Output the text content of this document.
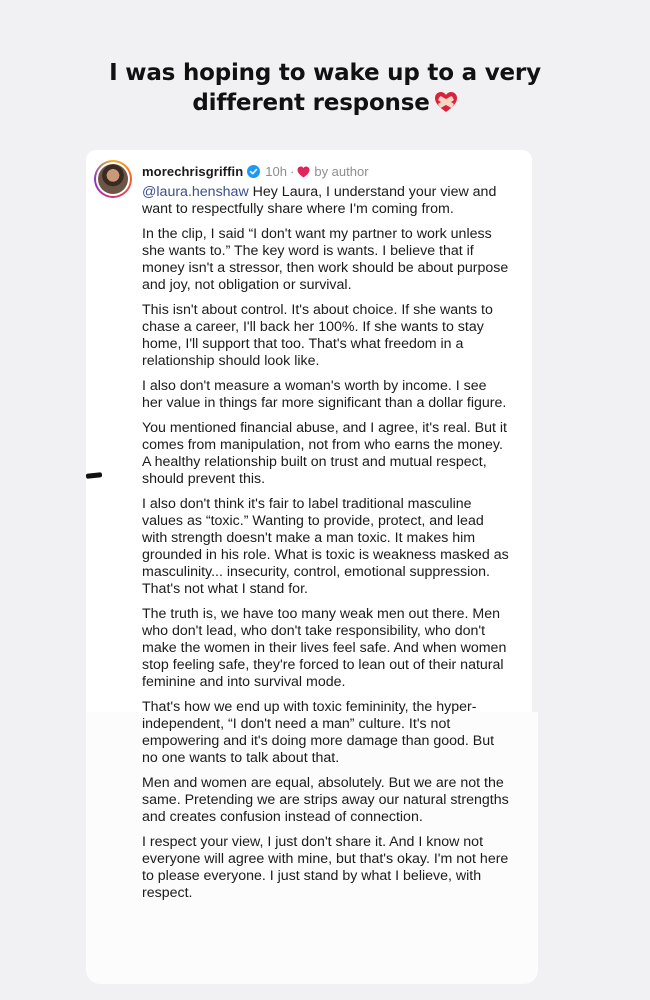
I was hoping to wake up to a very
different response
morechrisgriffin 10h · by author

@laura.henshaw Hey Laura, I understand your view and want to respectfully share where I'm coming from.

In the clip, I said “I don't want my partner to work unless she wants to.” The key word is wants. I believe that if money isn't a stressor, then work should be about purpose and joy, not obligation or survival.

This isn't about control. It's about choice. If she wants to chase a career, I'll back her 100%. If she wants to stay home, I'll support that too. That's what freedom in a relationship should look like.

I also don't measure a woman's worth by income. I see her value in things far more significant than a dollar figure.

You mentioned financial abuse, and I agree, it's real. But it comes from manipulation, not from who earns the money. A healthy relationship built on trust and mutual respect, should prevent this.

I also don't think it's fair to label traditional masculine values as “toxic.” Wanting to provide, protect, and lead with strength doesn't make a man toxic. It makes him grounded in his role. What is toxic is weakness masked as masculinity... insecurity, control, emotional suppression. That's not what I stand for.

The truth is, we have too many weak men out there. Men who don't lead, who don't take responsibility, who don't make the women in their lives feel safe. And when women stop feeling safe, they're forced to lean out of their natural feminine and into survival mode.

That's how we end up with toxic femininity, the hyper-independent, “I don't need a man” culture. It's not empowering and it's doing more damage than good. But no one wants to talk about that.

Men and women are equal, absolutely. But we are not the same. Pretending we are strips away our natural strengths and creates confusion instead of connection.

I respect your view, I just don't share it. And I know not everyone will agree with mine, but that's okay. I'm not here to please everyone. I just stand by what I believe, with respect.
